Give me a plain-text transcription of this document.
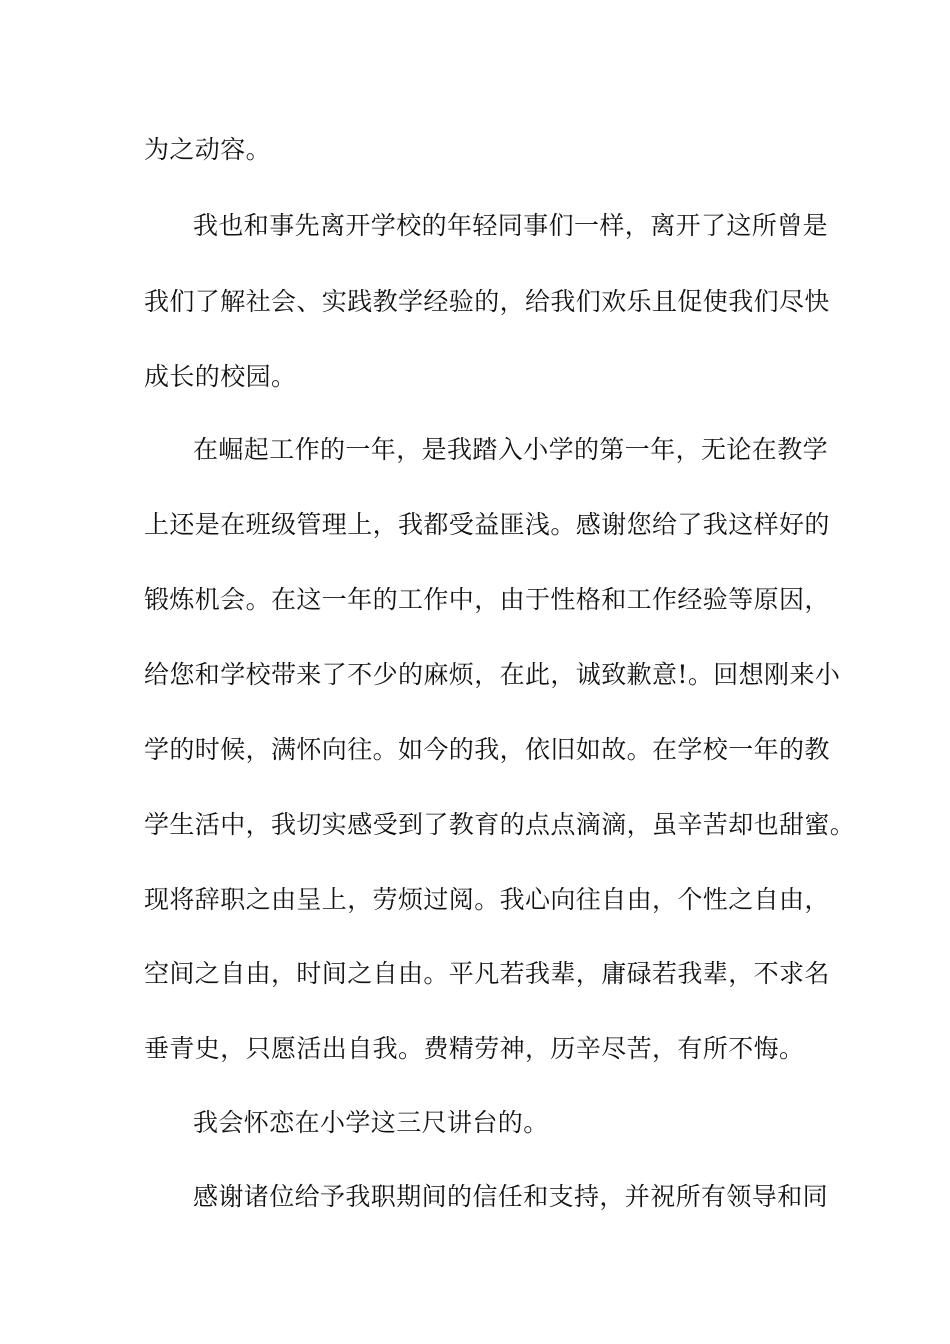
为之动容。
我也和事先离开学校的年轻同事们一样，离开了这所曾是
我们了解社会、实践教学经验的，给我们欢乐且促使我们尽快
成长的校园。
在崛起工作的一年，是我踏入小学的第一年，无论在教学
上还是在班级管理上，我都受益匪浅。感谢您给了我这样好的
锻炼机会。在这一年的工作中，由于性格和工作经验等原因，
给您和学校带来了不少的麻烦，在此，诚致歉意!。回想刚来小
学的时候，满怀向往。如今的我，依旧如故。在学校一年的教
学生活中，我切实感受到了教育的点点滴滴，虽辛苦却也甜蜜。
现将辞职之由呈上，劳烦过阅。我心向往自由，个性之自由，
空间之自由，时间之自由。平凡若我辈，庸碌若我辈，不求名
垂青史，只愿活出自我。费精劳神，历辛尽苦，有所不悔。
我会怀恋在小学这三尺讲台的。
感谢诸位给予我职期间的信任和支持，并祝所有领导和同
